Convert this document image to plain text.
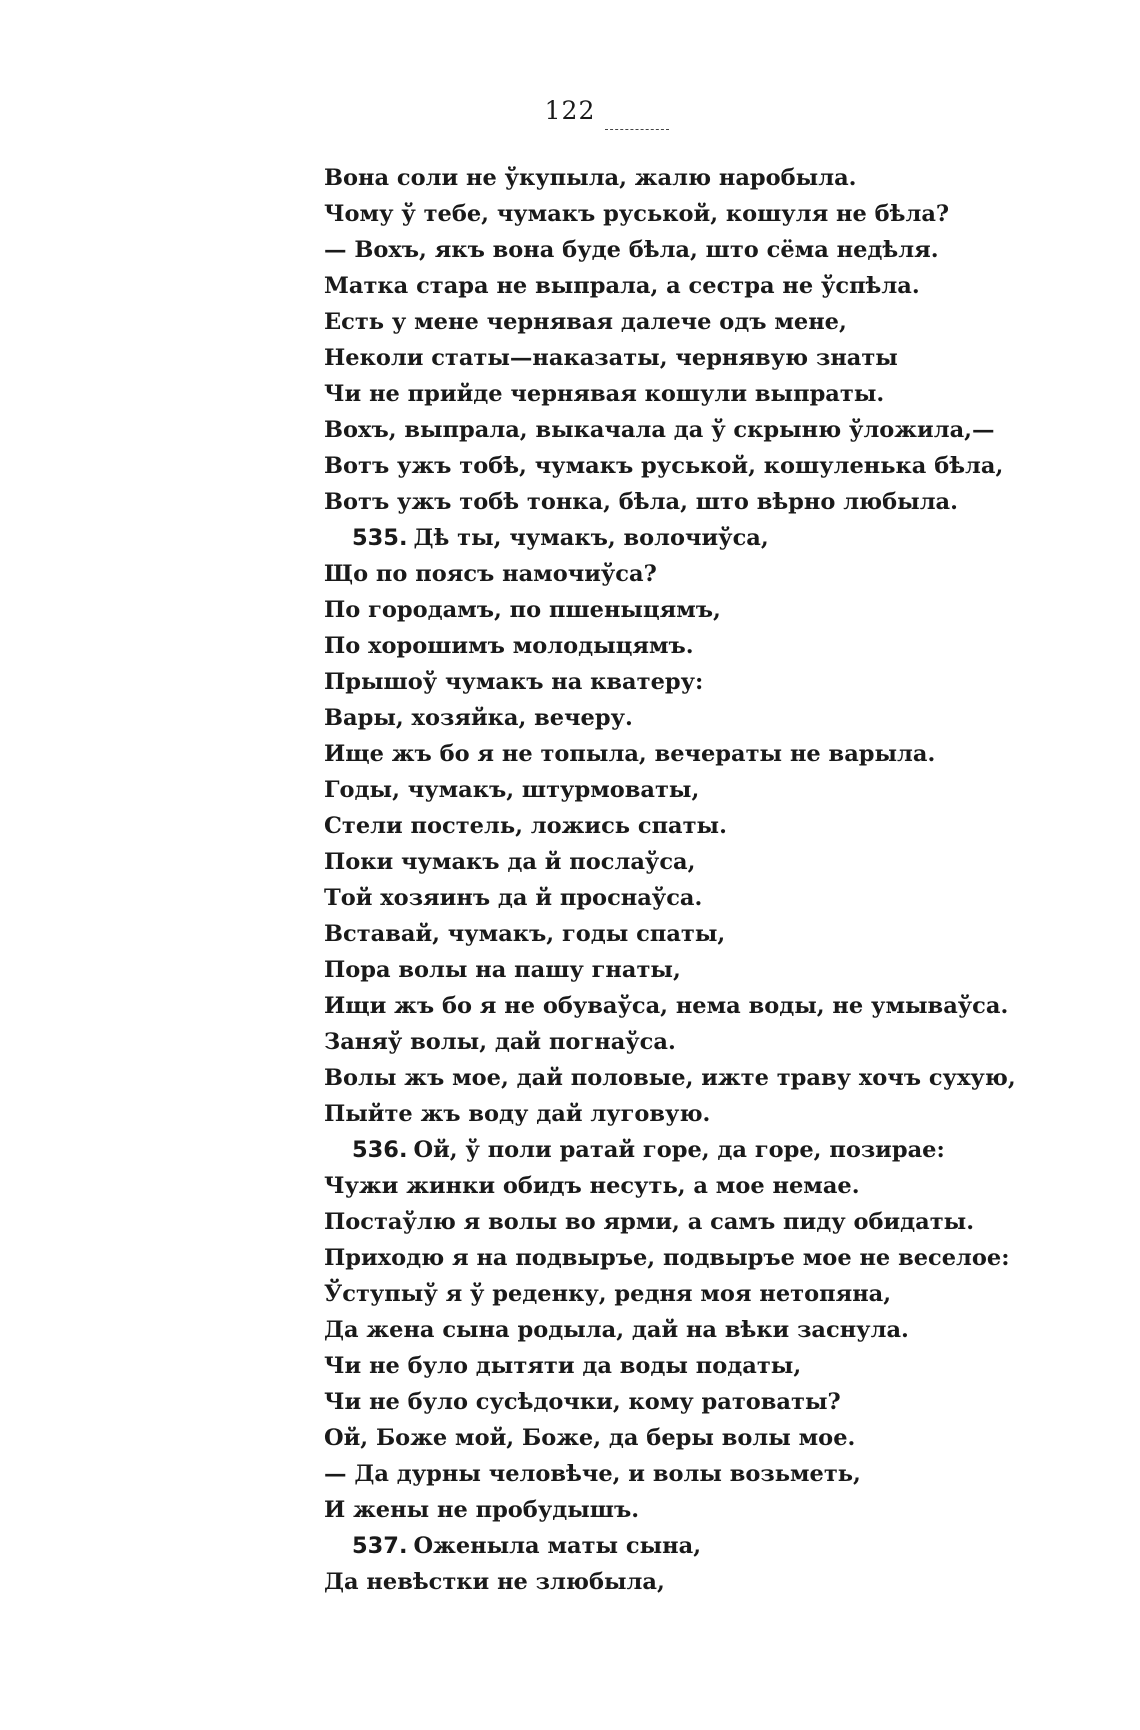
122
Вона соли не ўкупыла, жалю наробыла.
Чому ў тебе, чумакъ руськой, кошуля не бѣла?
— Вохъ, якъ вона буде бѣла, што сёма недѣля.
Матка стара не выпрала, а сестра не ўспѣла.
Есть у мене чернявая далече одъ мене,
Неколи статы—наказаты, чернявую знаты
Чи не прийде чернявая кошули выпраты.
Вохъ, выпрала, выкачала да ў скрыню ўложила,—
Вотъ ужъ тобѣ, чумакъ руськой, кошуленька бѣла,
Вотъ ужъ тобѣ тонка, бѣла, што вѣрно любыла.
535. Дѣ ты, чумакъ, волочиўса,
Що по поясъ намочиўса?
По городамъ, по пшеныцямъ,
По хорошимъ молодыцямъ.
Прышоў чумакъ на кватеру:
Вары, хозяйка, вечеру.
Ище жъ бо я не топыла, вечераты не варыла.
Годы, чумакъ, штурмоваты,
Стели постель, ложись спаты.
Поки чумакъ да й послаўса,
Той хозяинъ да й проснаўса.
Вставай, чумакъ, годы спаты,
Пора волы на пашу гнаты,
Ищи жъ бо я не обуваўса, нема воды, не умываўса.
Заняў волы, дай погнаўса.
Волы жъ мое, дай половые, ижте траву хочъ сухую,
Пыйте жъ воду дай луговую.
536. Ой, ў поли ратай горе, да горе, позирае:
Чужи жинки обидъ несуть, а мое немае.
Постаўлю я волы во ярми, а самъ пиду обидаты.
Приходю я на подвыръе, подвыръе мое не веселое:
Ўступыў я ў реденку, редня моя нетопяна,
Да жена сына родыла, дай на вѣки заснула.
Чи не було дытяти да воды податы,
Чи не було сусѣдочки, кому ратоваты?
Ой, Боже мой, Боже, да беры волы мое.
— Да дурны человѣче, и волы возьметь,
И жены не пробудышъ.
537. Оженыла маты сына,
Да невѣстки не злюбыла,
